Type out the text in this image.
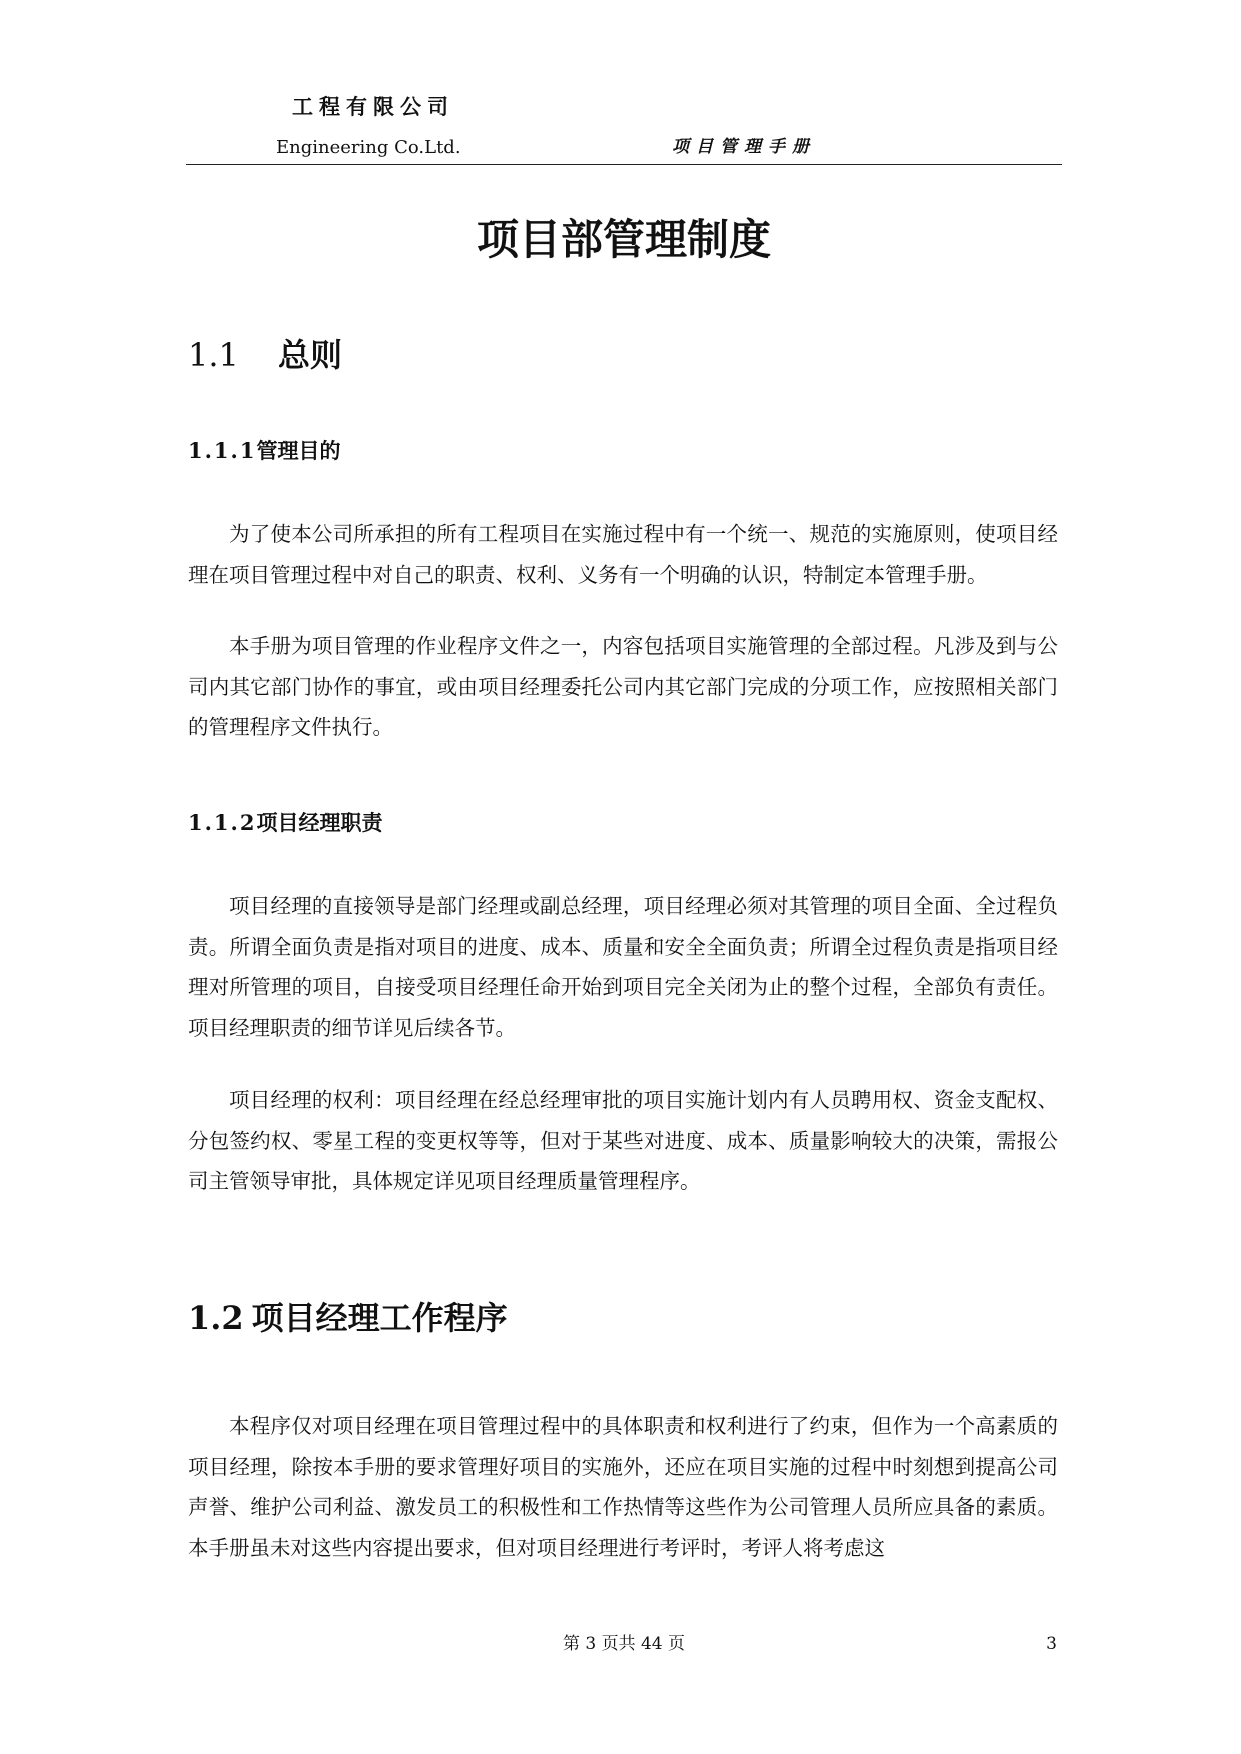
工程有限公司
Engineering Co.Ltd.	项目管理手册
项目部管理制度
1.1 总则
1.1.1管理目的

为了使本公司所承担的所有工程项目在实施过程中有一个统一、规范的实施原则，使项目经理在项目管理过程中对自己的职责、权利、义务有一个明确的认识，特制定本管理手册。

本手册为项目管理的作业程序文件之一，内容包括项目实施管理的全部过程。凡涉及到与公司内其它部门协作的事宜，或由项目经理委托公司内其它部门完成的分项工作，应按照相关部门的管理程序文件执行。

1.1.2项目经理职责

项目经理的直接领导是部门经理或副总经理，项目经理必须对其管理的项目全面、全过程负责。所谓全面负责是指对项目的进度、成本、质量和安全全面负责；所谓全过程负责是指项目经理对所管理的项目，自接受项目经理任命开始到项目完全关闭为止的整个过程，全部负有责任。项目经理职责的细节详见后续各节。

项目经理的权利：项目经理在经总经理审批的项目实施计划内有人员聘用权、资金支配权、分包签约权、零星工程的变更权等等，但对于某些对进度、成本、质量影响较大的决策，需报公司主管领导审批，具体规定详见项目经理质量管理程序。

1.2 项目经理工作程序

本程序仅对项目经理在项目管理过程中的具体职责和权利进行了约束，但作为一个高素质的项目经理，除按本手册的要求管理好项目的实施外，还应在项目实施的过程中时刻想到提高公司声誉、维护公司利益、激发员工的积极性和工作热情等这些作为公司管理人员所应具备的素质。本手册虽未对这些内容提出要求，但对项目经理进行考评时，考评人将考虑这

第 3 页共 44 页	3
